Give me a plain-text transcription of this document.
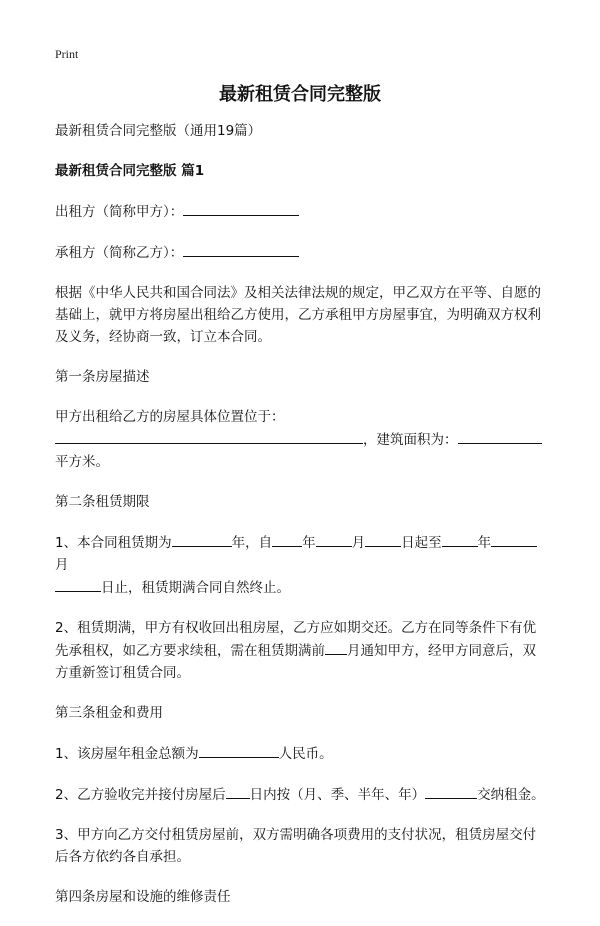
Print
最新租赁合同完整版

最新租赁合同完整版（通用19篇）

最新租赁合同完整版 篇1

出租方（简称甲方）：

承租方（简称乙方）：

根据《中华人民共和国合同法》及相关法律法规的规定，甲乙双方在平等、自愿的基础上，就甲方将房屋出租给乙方使用，乙方承租甲方房屋事宜，为明确双方权利及义务，经协商一致，订立本合同。

第一条房屋描述

甲方出租给乙方的房屋具体位置位于：
，建筑面积为：
平方米。

第二条租赁期限

1、本合同租赁期为	年，自 年	月	日起至	年月
日止，租赁期满合同自然终止。

2、租赁期满，甲方有权收回出租房屋，乙方应如期交还。乙方在同等条件下有优先承租权，如乙方要求续租，需在租赁期满前 月通知甲方，经甲方同意后，双方重新签订租赁合同。

第三条租金和费用

1、该房屋年租金总额为	人民币。

2、乙方验收完并接付房屋后 日内按（月、季、半年、年）	交纳租金。

3、甲方向乙方交付租赁房屋前，双方需明确各项费用的支付状况，租赁房屋交付后各方依约各自承担。

第四条房屋和设施的维修责任
